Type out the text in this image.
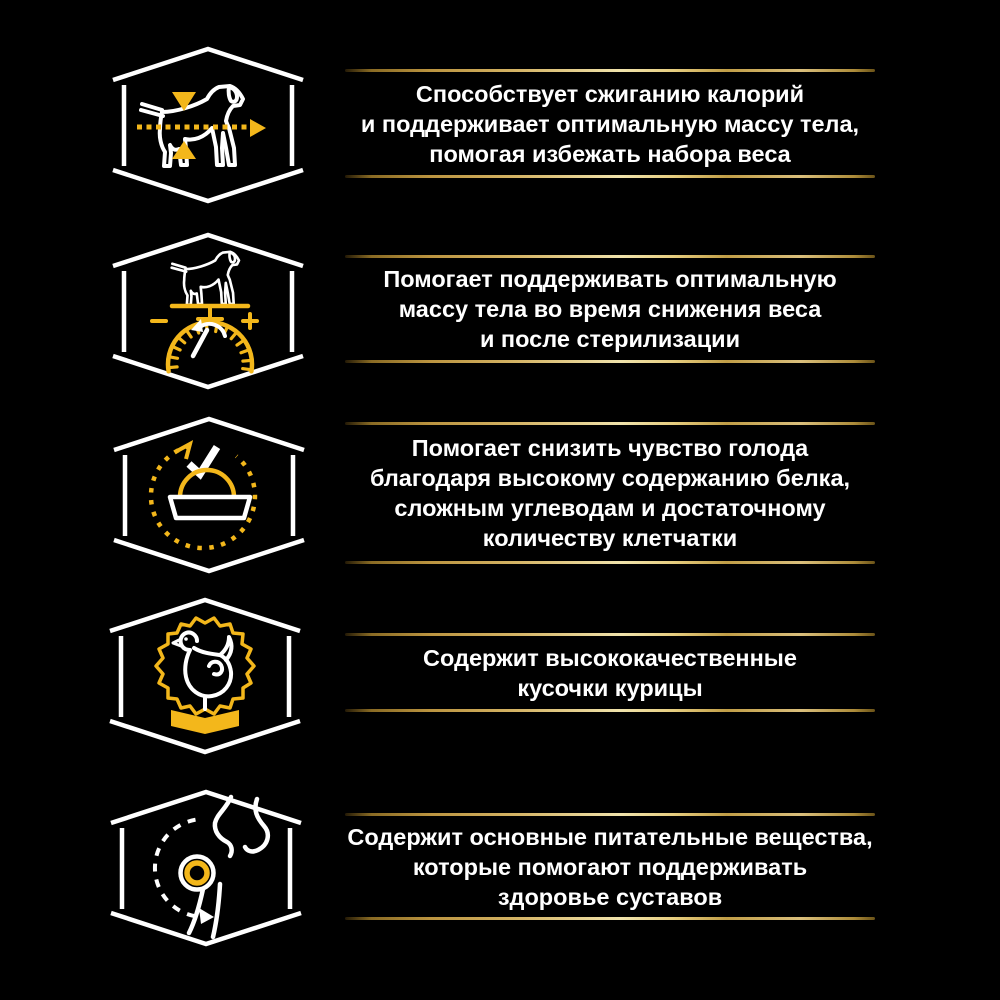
Способствует сжиганию калорий
и поддерживает оптимальную массу тела,
помогая избежать набора веса
Помогает поддерживать оптимальную
массу тела во время снижения веса
и после стерилизации
Помогает снизить чувство голода
благодаря высокому содержанию белка,
сложным углеводам и достаточному
количеству клетчатки
Содержит высококачественные
кусочки курицы
Содержит основные питательные вещества,
которые помогают поддерживать
здоровье суставов
